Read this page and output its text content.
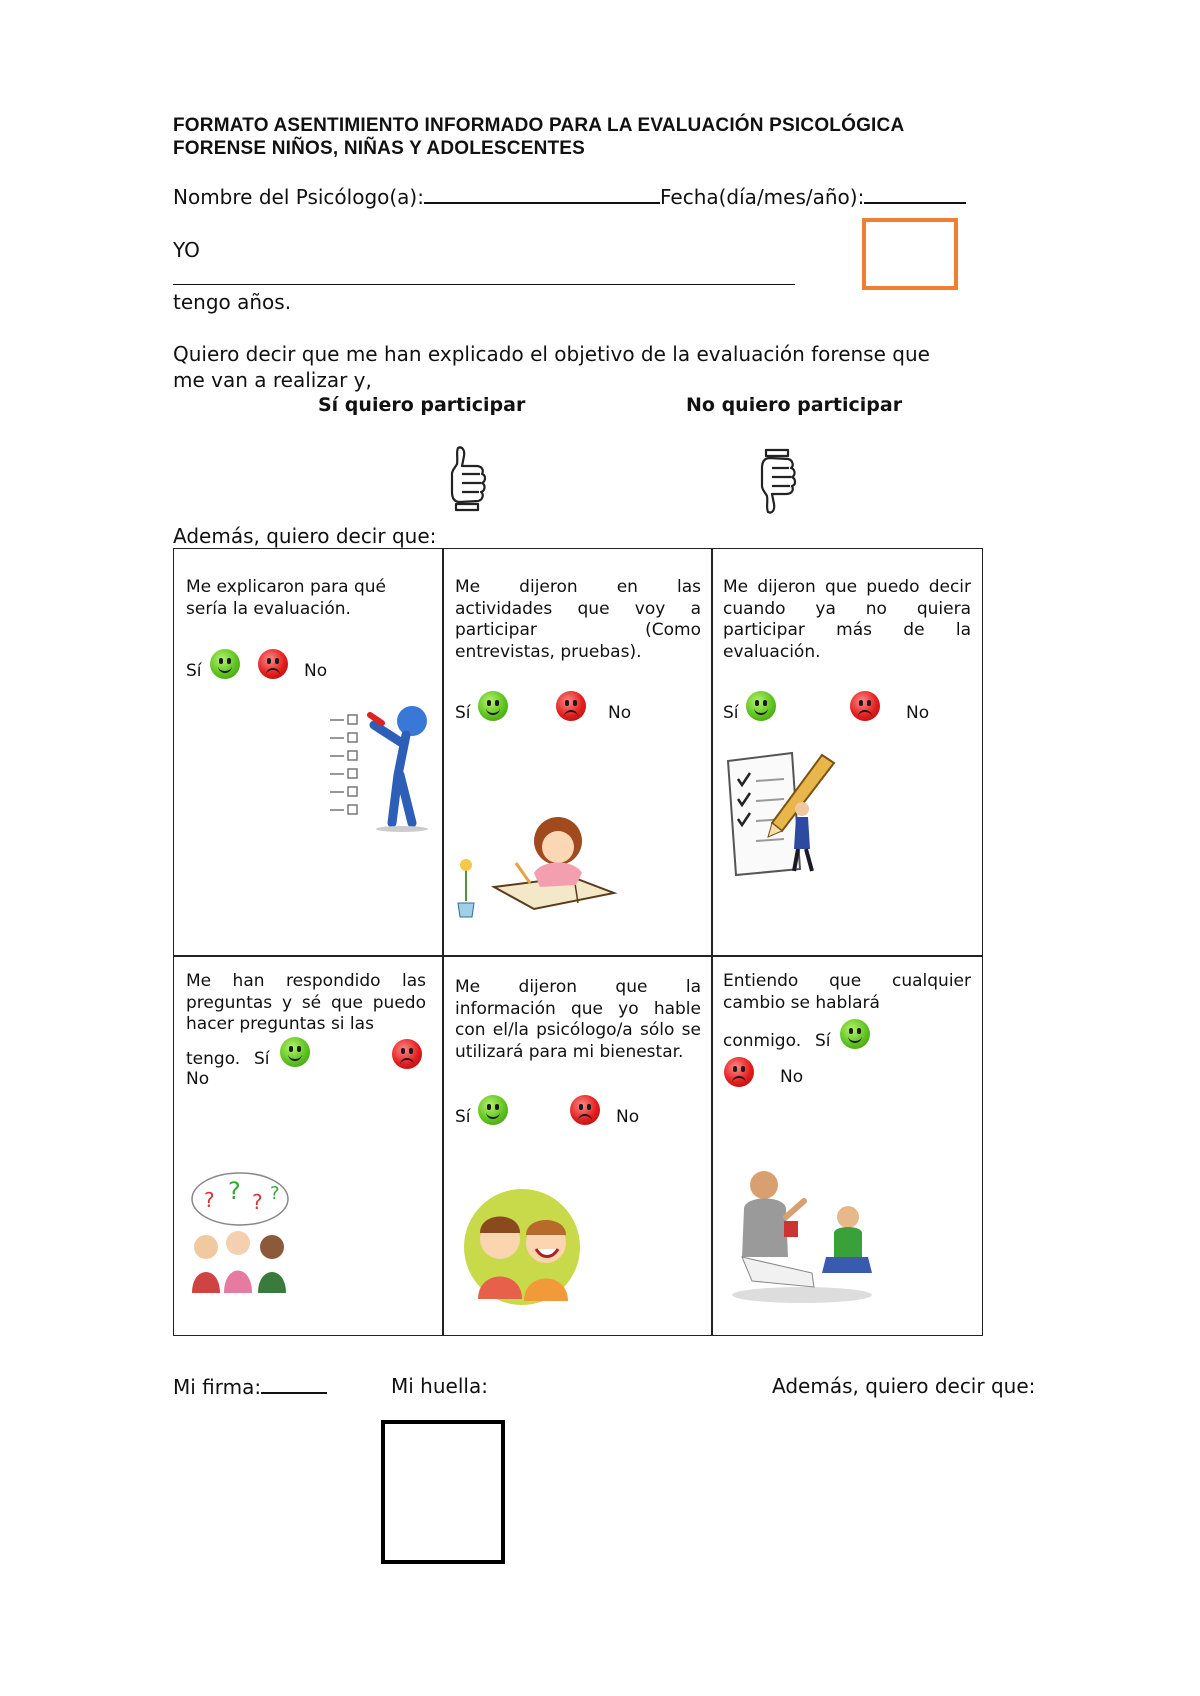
FORMATO ASENTIMIENTO INFORMADO PARA LA EVALUACIÓN PSICOLÓGICA
FORENSE NIÑOS, NIÑAS Y ADOLESCENTES
Nombre del Psicólogo(a):	Fecha(día/mes/año):
YO
tengo años.
Quiero decir que me han explicado el objetivo de la evaluación forense que
me van a realizar y,
Sí quiero participar	No quiero participar
Además, quiero decir que:
Me explicaron para qué sería la evaluación.
Sí	No
Me dijeron en las actividades que voy a participar (Como entrevistas, pruebas).
Sí	No
Me dijeron que puedo decir cuando ya no quiera participar más de la evaluación.
Sí	No
Me han respondido las preguntas y sé que puedo hacer preguntas si las
tengo. Sí
No
? ? ? ?
Me dijeron que la información que yo hable con el/la psicólogo/a sólo se utilizará para mi bienestar.
Sí	No
Entiendo que cualquier cambio se hablará
conmigo. Sí
No
Mi firma:	Mi huella:	Además, quiero decir que:
